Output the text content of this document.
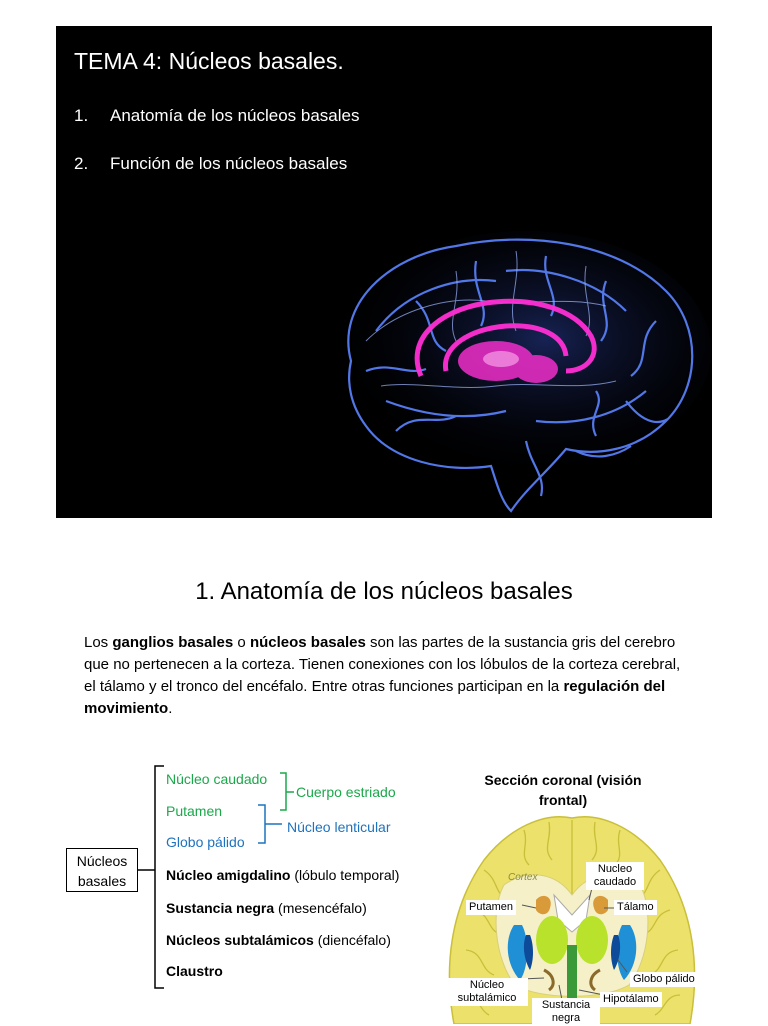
TEMA 4: Núcleos basales.
1.	Anatomía de los núcleos basales
2.	Función de los núcleos basales
1. Anatomía de los núcleos basales

Los ganglios basales o núcleos basales son las partes de la sustancia gris del cerebro que no pertenecen a la corteza. Tienen conexiones con los lóbulos de la corteza cerebral, el tálamo y el tronco del encéfalo. Entre otras funciones participan en la regulación del movimiento.

Núcleos basales
Núcleo caudado
Putamen
Globo pálido
Cuerpo estriado
Núcleo lenticular
Núcleo amigdalino (lóbulo temporal)
Sustancia negra (mesencéfalo)
Núcleos subtalámicos (diencéfalo)
Claustro
Sección coronal (visión frontal)
Cortex
Nucleo caudado
Putamen	Tálamo
Globo pálido
Núcleo subtalámico
Sustancia negra
Hipotálamo
